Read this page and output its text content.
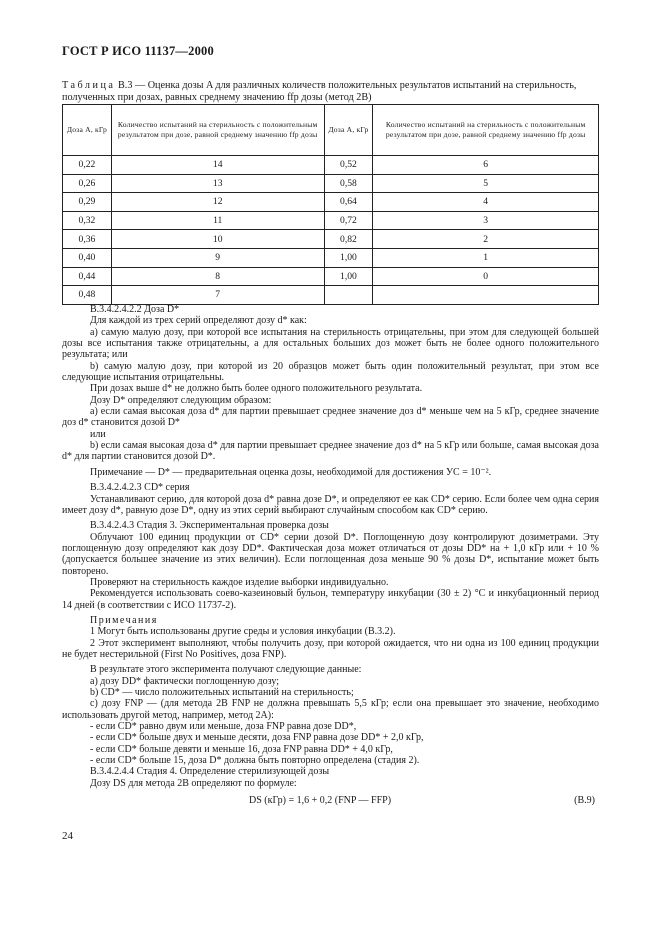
ГОСТ Р ИСО 11137—2000
Таблица B.3 — Оценка дозы A для различных количеств положительных результатов испытаний на стерильность, полученных при дозах, равных среднему значению ffp дозы (метод 2B)
Доза A, кГр	Количество испытаний на стерильность с положительным результатом при дозе, равной среднему значению ffp дозы	Доза A, кГр	Количество испытаний на стерильность с положительным результатом при дозе, равной среднему значению ffp дозы
0,22	14	0,52	6
0,26	13	0,58	5
0,29	12	0,64	4
0,32	11	0,72	3
0,36	10	0,82	2
0,40	9	1,00	1
0,44	8	1,00	0
0,48	7		

B.3.4.2.4.2.2 Доза D*

Для каждой из трех серий определяют дозу d* как:

a) самую малую дозу, при которой все испытания на стерильность отрицательны, при этом для следующей большей дозы все испытания также отрицательны, а для остальных больших доз может быть не более одного положительного результата; или

b) самую малую дозу, при которой из 20 образцов может быть один положительный результат, при этом все следующие испытания отрицательны.

При дозах выше d* не должно быть более одного положительного результата.

Дозу D* определяют следующим образом:

a) если самая высокая доза d* для партии превышает среднее значение доз d* меньше чем на 5 кГр, среднее значение доз d* становится дозой D*

или

b) если самая высокая доза d* для партии превышает среднее значение доз d* на 5 кГр или больше, самая высокая доза d* для партии становится дозой D*.

Примечание — D* — предварительная оценка дозы, необходимой для достижения УС = 10⁻².

B.3.4.2.4.2.3 CD* серия

Устанавливают серию, для которой доза d* равна дозе D*, и определяют ее как CD* серию. Если более чем одна серия имеет дозу d*, равную дозе D*, одну из этих серий выбирают случайным способом как CD* серию.

B.3.4.2.4.3 Стадия 3. Экспериментальная проверка дозы

Облучают 100 единиц продукции от CD* серии дозой D*. Поглощенную дозу контролируют дозиметрами. Эту поглощенную дозу определяют как дозу DD*. Фактическая доза может отличаться от дозы DD* на + 1,0 кГр или + 10 % (допускается большее значение из этих величин). Если поглощенная доза меньше 90 % дозы D*, испытание может быть повторено.

Проверяют на стерильность каждое изделие выборки индивидуально.

Рекомендуется использовать соево-казеиновый бульон, температуру инкубации (30 ± 2) °C и инкубационный период 14 дней (в соответствии с ИСО 11737-2).

Примечания

1 Могут быть использованы другие среды и условия инкубации (B.3.2).

2 Этот эксперимент выполняют, чтобы получить дозу, при которой ожидается, что ни одна из 100 единиц продукции не будет нестерильной (First No Positives, доза FNP).

В результате этого эксперимента получают следующие данные:

a) дозу DD* фактически поглощенную дозу;

b) CD* — число положительных испытаний на стерильность;

c) дозу FNP — (для метода 2B FNP не должна превышать 5,5 кГр; если она превышает это значение, необходимо использовать другой метод, например, метод 2A):

- если CD* равно двум или меньше, доза FNP равна дозе DD*,

- если CD* больше двух и меньше десяти, доза FNP равна дозе DD* + 2,0 кГр,

- если CD* больше девяти и меньше 16, доза FNP равна DD* + 4,0 кГр,

- если CD* больше 15, доза D* должна быть повторно определена (стадия 2).

B.3.4.2.4.4 Стадия 4. Определение стерилизующей дозы

Дозу DS для метода 2B определяют по формуле:

DS (кГр) = 1,6 + 0,2 (FNP — FFP)	(B.9)
24
